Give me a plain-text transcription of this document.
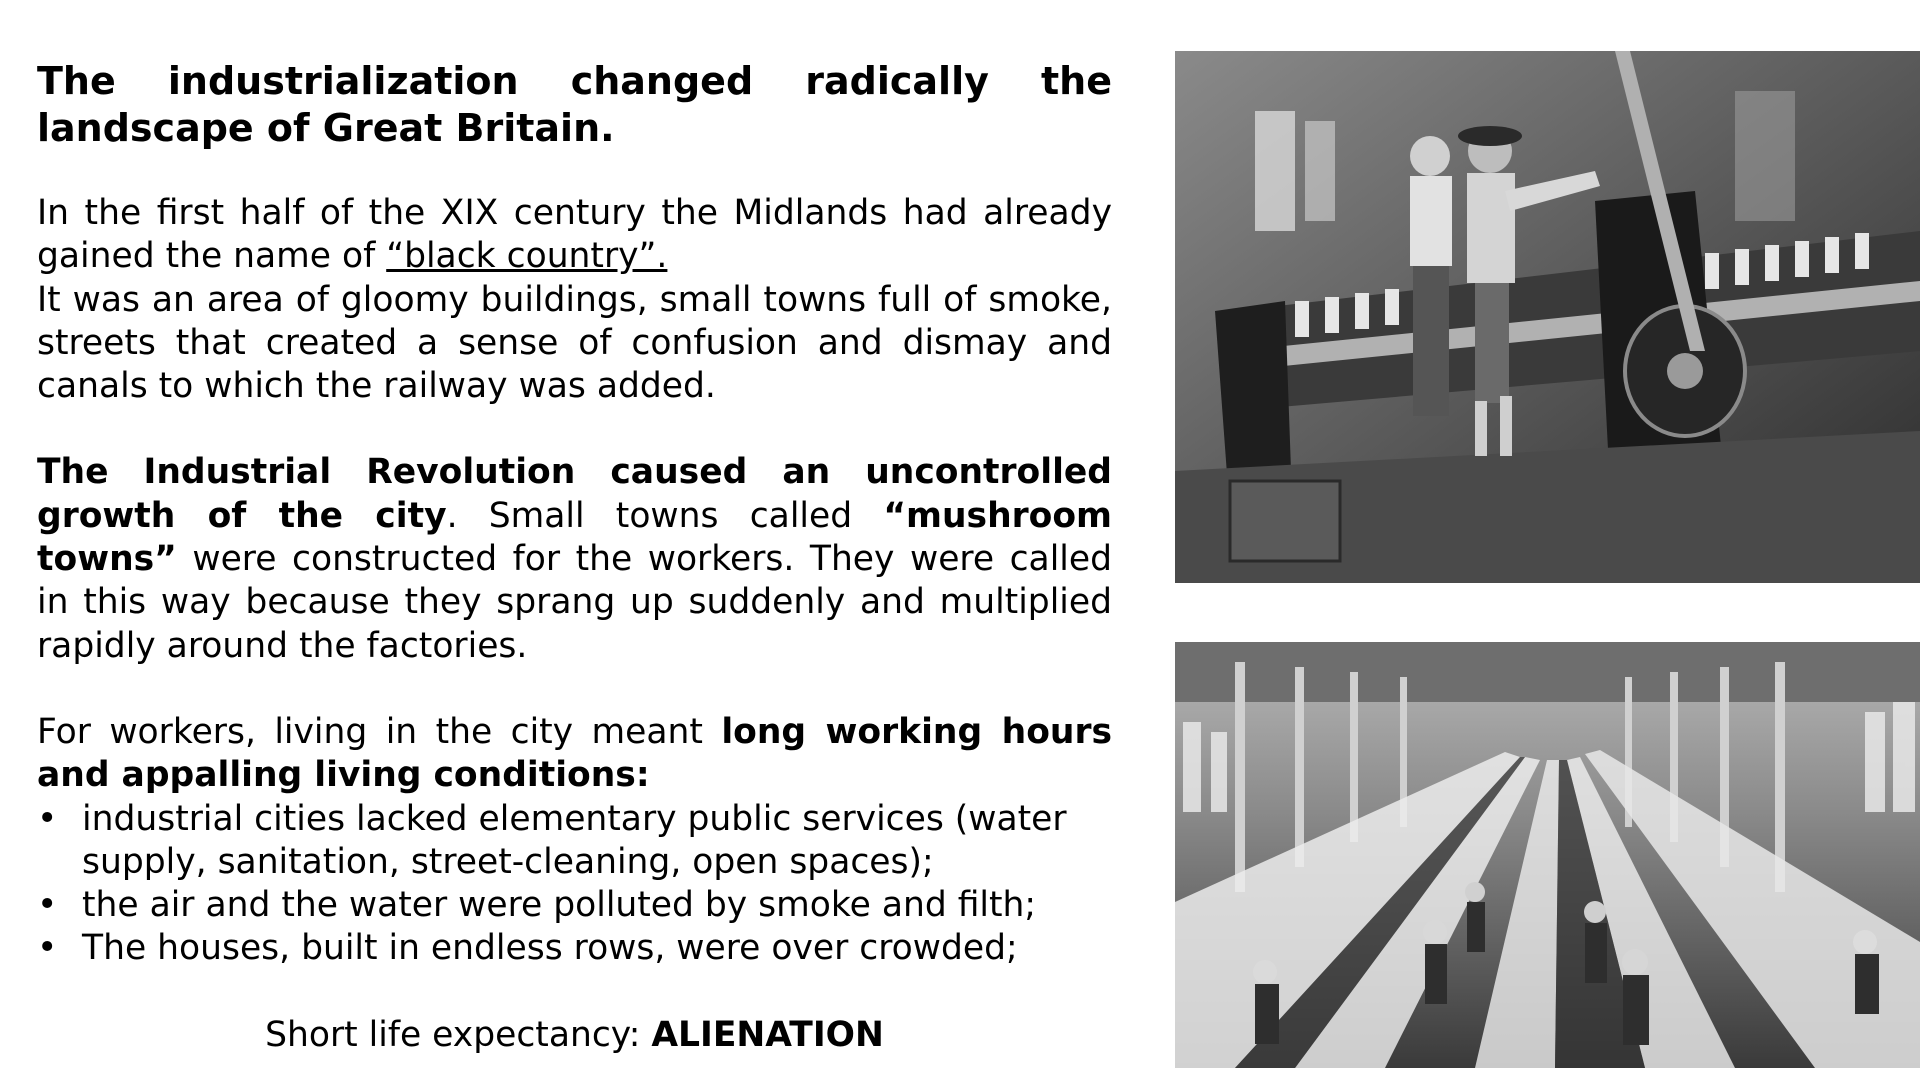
The industrialization changed radically the landscape of Great Britain.

In the first half of the XIX century the Midlands had already gained the name of “black country”.
It was an area of gloomy buildings, small towns full of smoke, streets that created a sense of confusion and dismay and canals to which the railway was added.

The Industrial Revolution caused an uncontrolled growth of the city. Small towns called “mushroom towns” were constructed for the workers. They were called in this way because they sprang up suddenly and multiplied rapidly around the factories.

For workers, living in the city meant long working hours and appalling living conditions:

• industrial cities lacked elementary public services (water supply, sanitation, street-cleaning, open spaces);
• the air and the water were polluted by smoke and filth;
• The houses, built in endless rows, were over crowded;
Short life expectancy: ALIENATION
